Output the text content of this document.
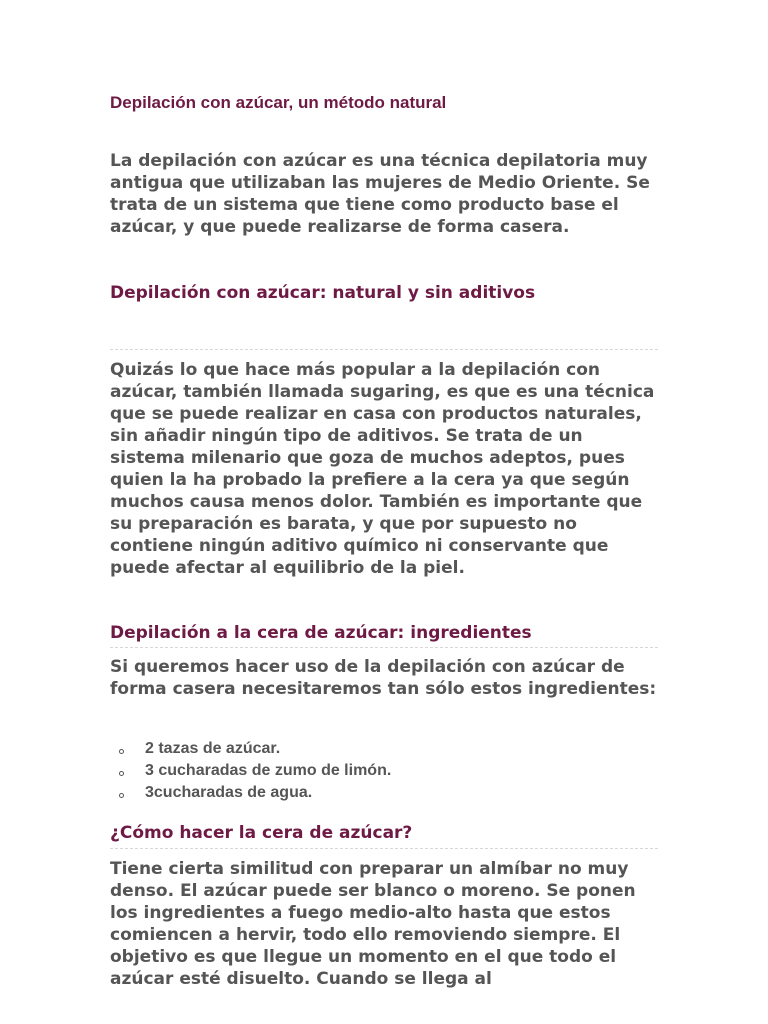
Depilación con azúcar, un método natural

La depilación con azúcar es una técnica depilatoria muy antigua que utilizaban las mujeres de Medio Oriente. Se trata de un sistema que tiene como producto base el azúcar, y que puede realizarse de forma casera.

Depilación con azúcar: natural y sin aditivos

Quizás lo que hace más popular a la depilación con azúcar, también llamada sugaring, es que es una técnica que se puede realizar en casa con productos naturales, sin añadir ningún tipo de aditivos. Se trata de un sistema milenario que goza de muchos adeptos, pues quien la ha probado la prefiere a la cera ya que según muchos causa menos dolor. También es importante que su preparación es barata, y que por supuesto no contiene ningún aditivo químico ni conservante que puede afectar al equilibrio de la piel.

Depilación a la cera de azúcar: ingredientes

Si queremos hacer uso de la depilación con azúcar de forma casera necesitaremos tan sólo estos ingredientes:

2 tazas de azúcar.
3 cucharadas de zumo de limón.
3cucharadas de agua.
¿Cómo hacer la cera de azúcar?

Tiene cierta similitud con preparar un almíbar no muy denso. El azúcar puede ser blanco o moreno. Se ponen los ingredientes a fuego medio-alto hasta que estos comiencen a hervir, todo ello removiendo siempre. El objetivo es que llegue un momento en el que todo el azúcar esté disuelto. Cuando se llega al
